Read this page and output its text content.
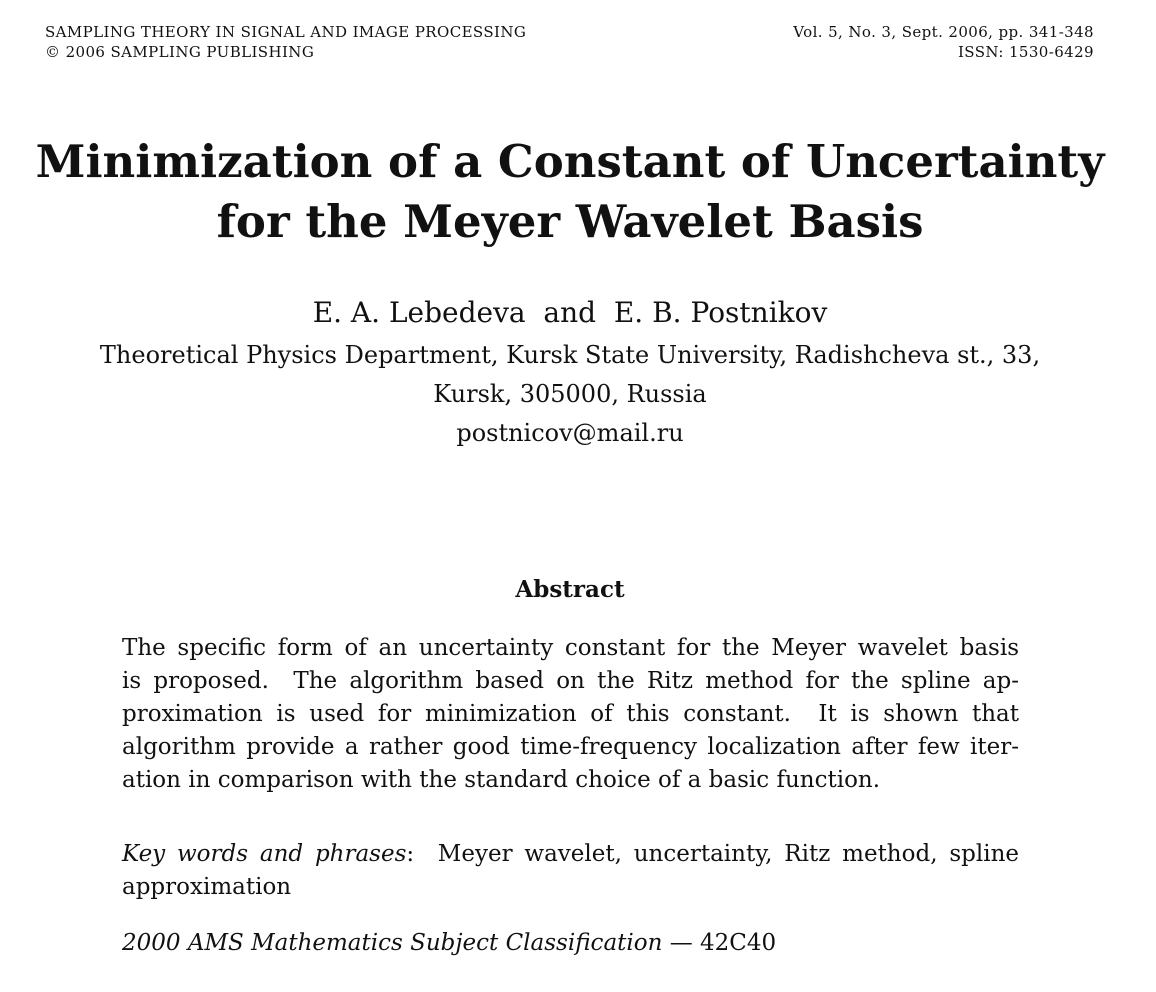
SAMPLING THEORY IN SIGNAL AND IMAGE PROCESSING	Vol. 5, No. 3, Sept. 2006, pp. 341-348
© 2006 SAMPLING PUBLISHING	ISSN: 1530-6429
Minimization of a Constant of Uncertainty
for the Meyer Wavelet Basis
E. A. Lebedeva  and  E. B. Postnikov
Theoretical Physics Department, Kursk State University, Radishcheva st., 33,
Kursk, 305000, Russia
postnicov@mail.ru
Abstract
The specific form of an uncertainty constant for the Meyer wavelet basis
is proposed.  The algorithm based on the Ritz method for the spline ap-
proximation is used for minimization of this constant.  It is shown that
algorithm provide a rather good time-frequency localization after few iter-
ation in comparison with the standard choice of a basic function.
Key words and phrases:  Meyer wavelet, uncertainty, Ritz method, spline
approximation
2000 AMS Mathematics Subject Classification — 42C40
